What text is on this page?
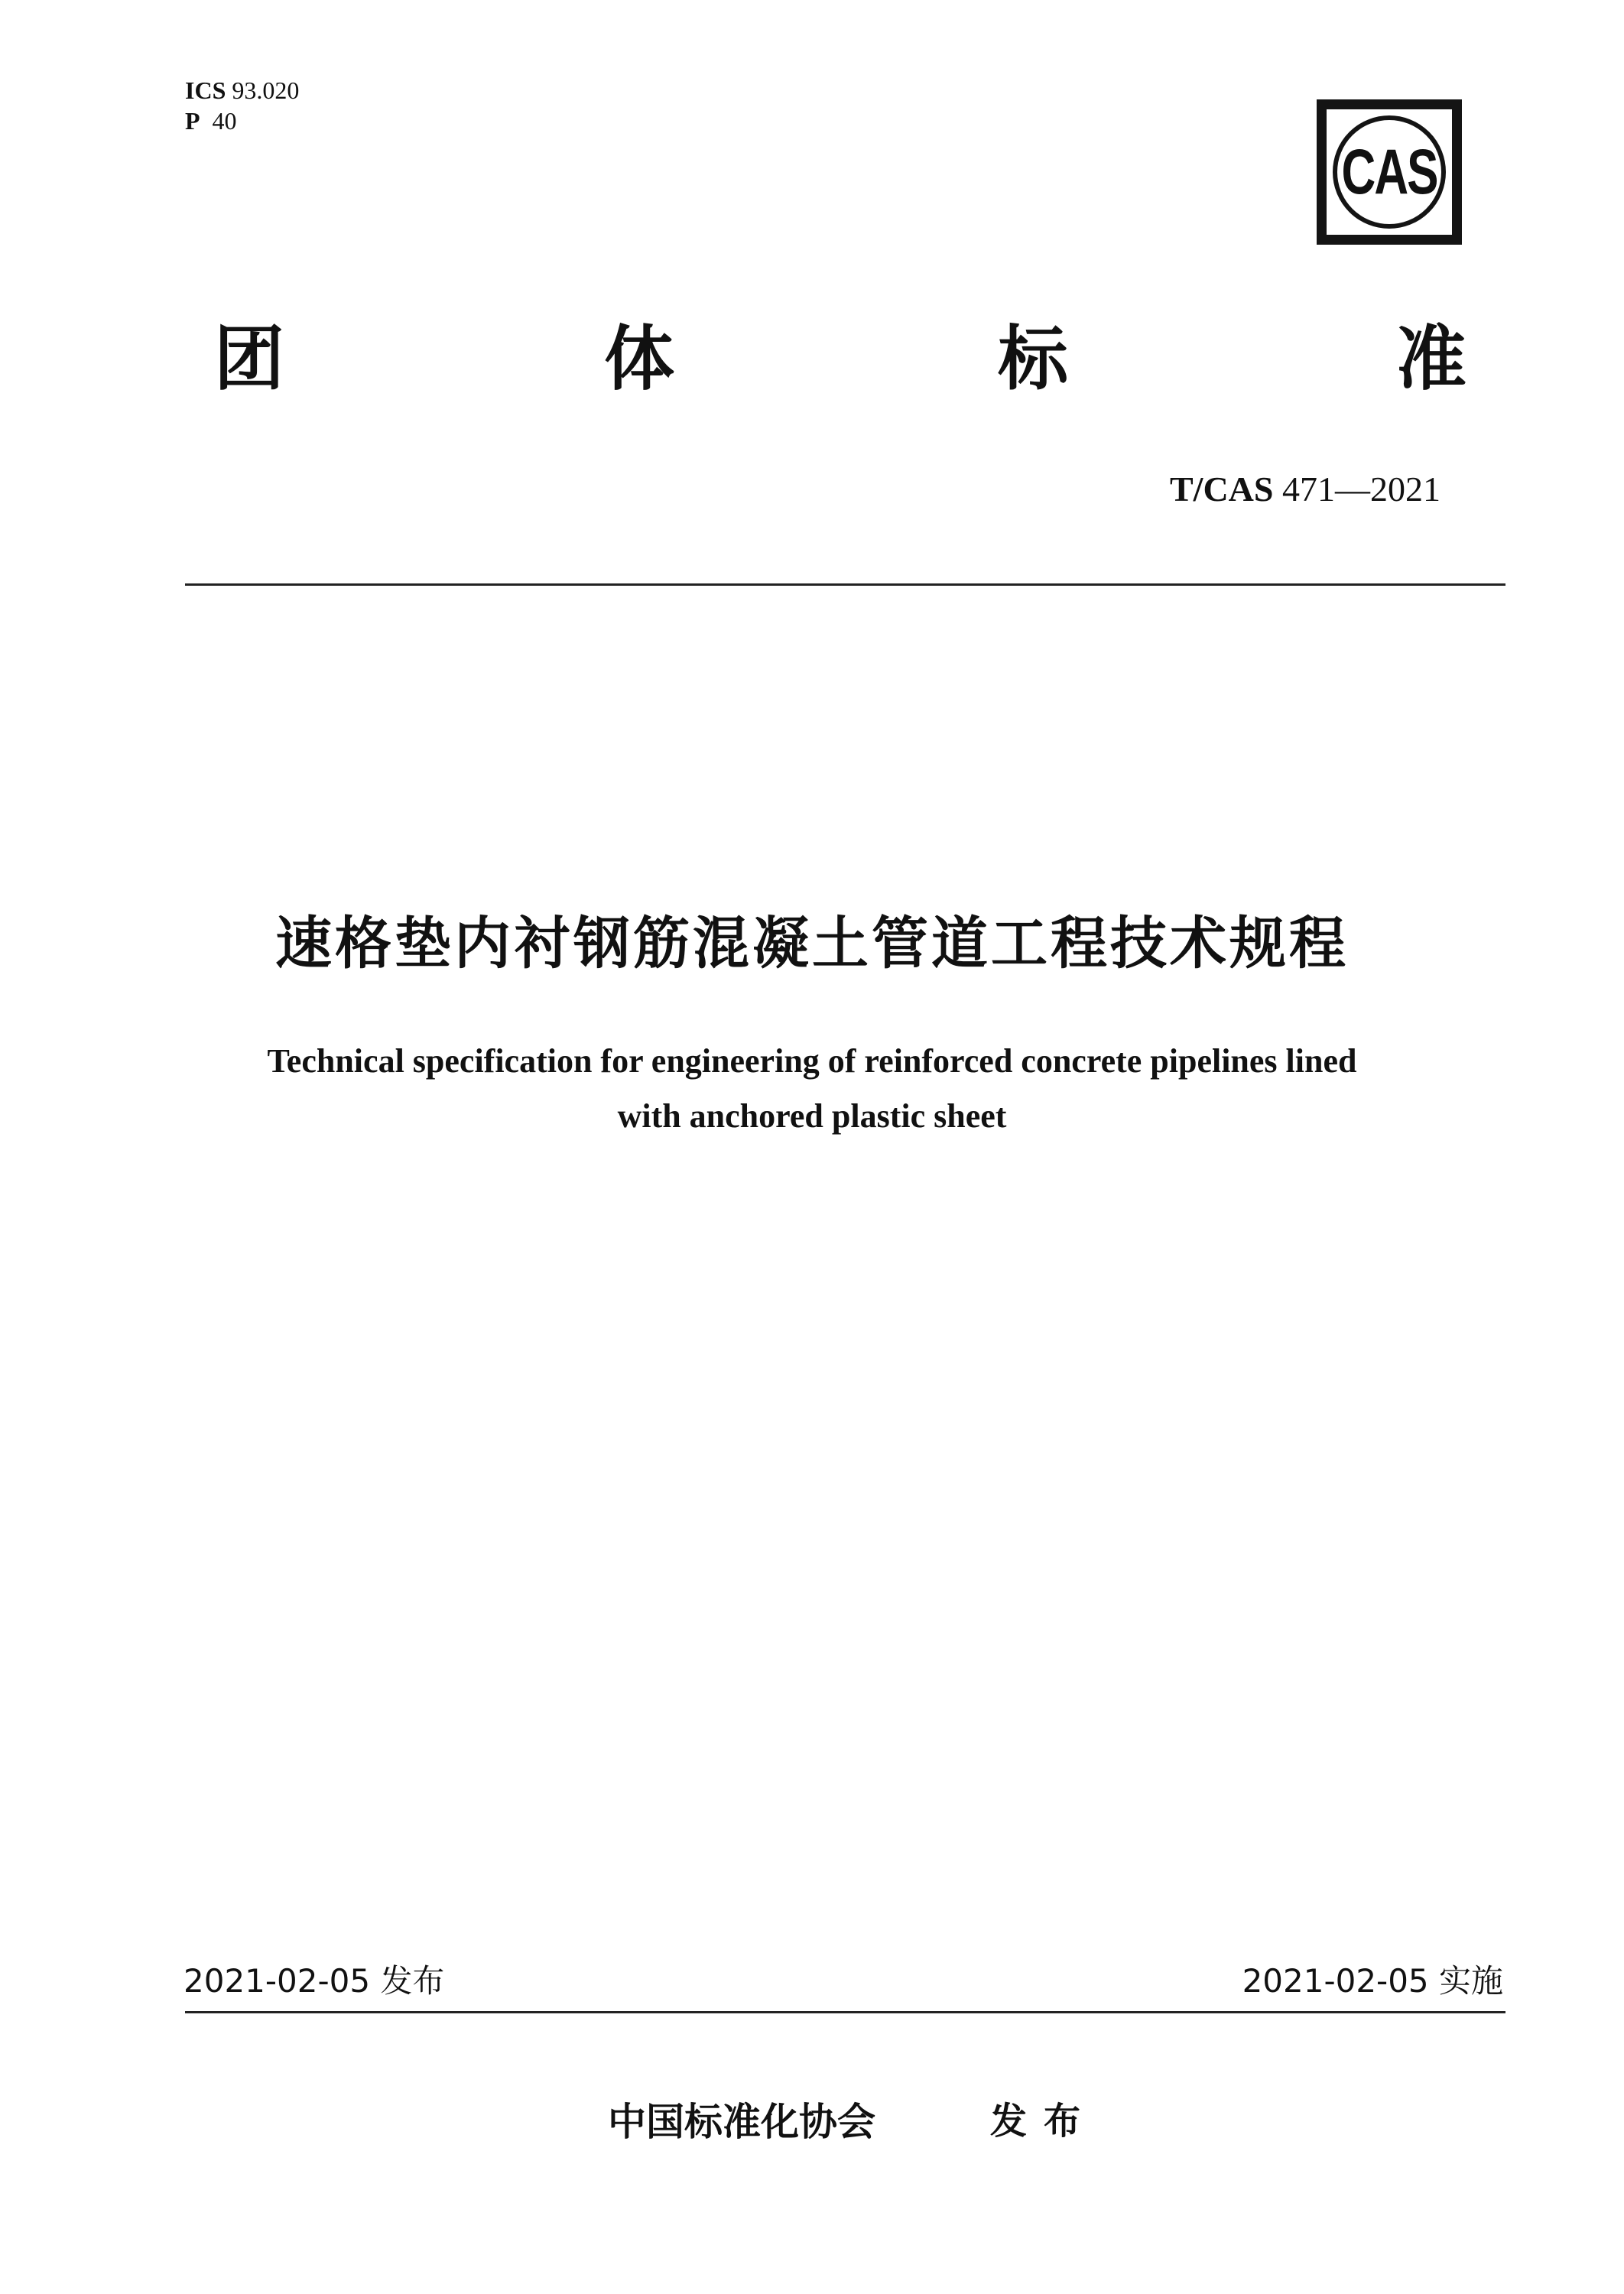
ICS 93.020
P 40
CAS
团	体	标	准
T/CAS 471—2021
速格垫内衬钢筋混凝土管道工程技术规程
Technical specification for engineering of reinforced concrete pipelines lined
with anchored plastic sheet
2021-02-05 发布	2021-02-05 实施
中国标准化协会	发布
